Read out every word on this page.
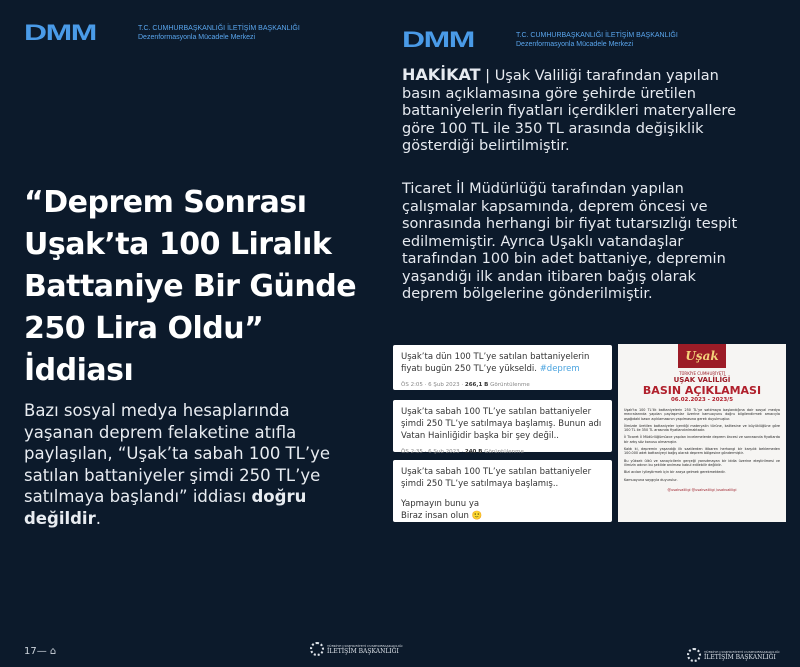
DMM	T.C. CUMHURBAŞKANLIĞI İLETİŞİM BAŞKANLIĞI
Dezenformasyonla Mücadele Merkezi	DMM	T.C. CUMHURBAŞKANLIĞI İLETİŞİM BAŞKANLIĞI
Dezenformasyonla Mücadele Merkezi
“Deprem Sonrası Uşak’ta 100 Liralık Battaniye Bir Günde 250 Lira Oldu” İddiası
Bazı sosyal medya hesaplarında yaşanan deprem felaketine atıfla paylaşılan, “Uşak’ta sabah 100 TL’ye satılan battaniyeler şimdi 250 TL’ye satılmaya başlandı” iddiası doğru değildir.
HAKİKAT | Uşak Valiliği tarafından yapılan basın açıklamasına göre şehirde üretilen battaniyelerin fiyatları içerdikleri materyallere göre 100 TL ile 350 TL arasında değişiklik gösterdiği belirtilmiştir.
Ticaret İl Müdürlüğü tarafından yapılan çalışmalar kapsamında, deprem öncesi ve sonrasında herhangi bir fiyat tutarsızlığı tespit edilmemiştir. Ayrıca Uşaklı vatandaşlar tarafından 100 bin adet battaniye, depremin yaşandığı ilk andan itibaren bağış olarak deprem bölgelerine gönderilmiştir.
Uşak’ta dün 100 TL’ye satılan battaniyelerin fiyatı bugün 250 TL’ye yükseldi. #deprem
ÖS 2:05 · 6 Şub 2023 · 266,1 B Görüntülenme
Uşak’ta sabah 100 TL’ye satılan battaniyeler şimdi 250 TL’ye satılmaya başlamış. Bunun adı Vatan Hainliğidir başka bir şey değil..
ÖS 2:35 · 6 Şub 2023 · 240 B Görüntülenme
Uşak’ta sabah 100 TL’ye satılan battaniyeler şimdi 250 TL’ye satılmaya başlamış..
Yapmayın bunu ya
Biraz insan olun 🙂
Uşak
TÜRKİYE CUMHURİYETİ
UŞAK VALİLİĞİ
BASIN AÇIKLAMASI
06.02.2023 - 2023/5

Uşak’ta 100 TL’lik battaniyelerin 250 TL’ye satılmaya başlandığına dair sosyal medya mecralarında yapılan paylaşımlar üzerine kamuoyunu doğru bilgilendirmek amacıyla aşağıdaki basın açıklamasının yapılmasına gerek duyulmuştur.

İlimizde üretilen battaniyeler içerdiği materyalin türüne, kalitesine ve büyüklüğüne göre 100 TL ile 350 TL arasında fiyatlandırılmaktadır.

İl Ticaret İl Müdürlüğümüzce yapılan incelemelerde deprem öncesi ve sonrasında fiyatlarda bir artış söz konusu olmamıştır.

Kaldı ki, depremin yaşandığı ilk saatlerden itibaren herhangi bir karşılık beklemeden 100.000 adet battaniyeyi bağış olarak deprem bölgesine göndermiştir.

Bu yüksek ülkü ve sanayicilerin gerçeği yansıtmayan bir iddia üzerine eleştirilmesi ve ilimizin adının bu şekilde anılması kabul edilebilir değildir.

Bizi acıları iyileştirmek için bir araya gelmek gerekmektedir.

Kamuoyuna saygıyla duyurulur.

@usakvaliligi @usakvaliligi /usakvaliligi
17— ⌂
TÜRKİYE CUMHURİYETİ CUMHURBAŞKANLIĞI
İLETİŞİM BAŞKANLIĞI	TÜRKİYE CUMHURİYETİ CUMHURBAŞKANLIĞI
İLETİŞİM BAŞKANLIĞI
